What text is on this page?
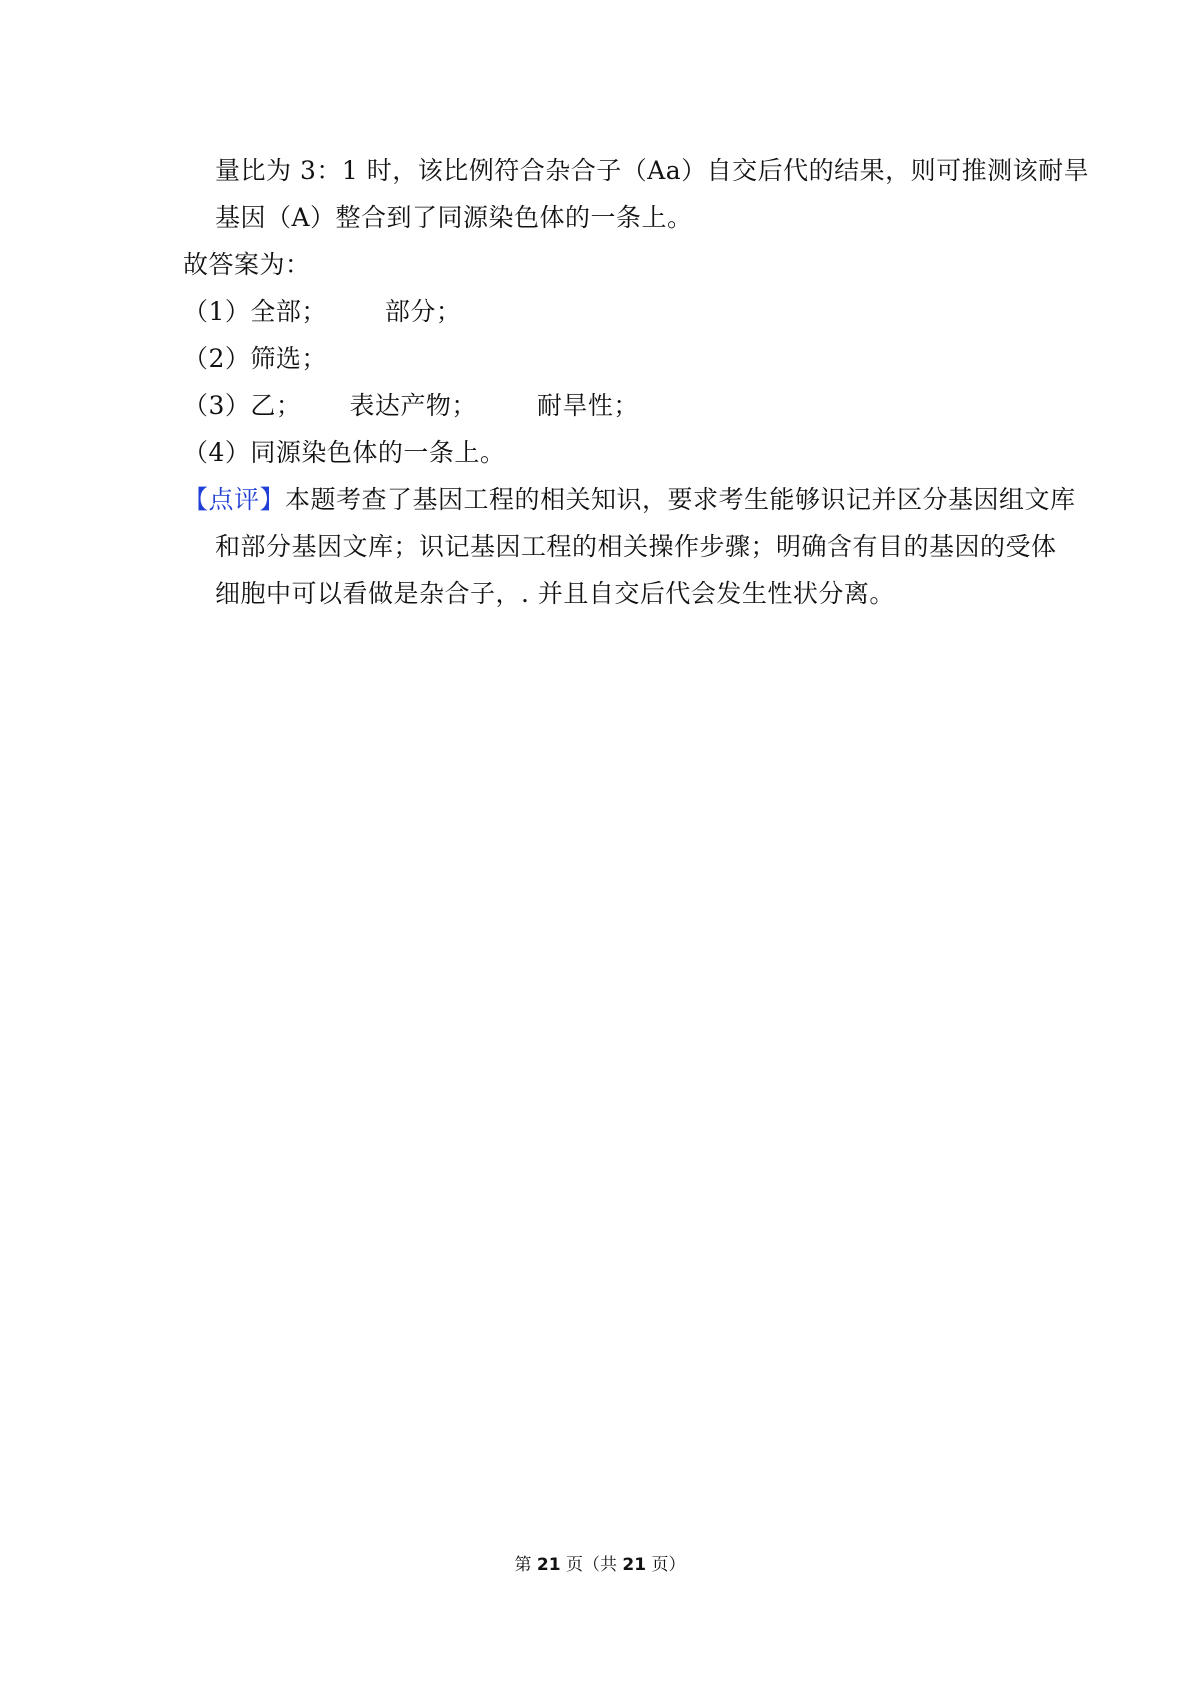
量比为 3：1 时，该比例符合杂合子（Aa）自交后代的结果，则可推测该耐旱
基因（A）整合到了同源染色体的一条上。
故答案为：
（1）全部； 部分；
（2）筛选；
（3）乙； 表达产物； 耐旱性；
（4）同源染色体的一条上。
【点评】本题考查了基因工程的相关知识，要求考生能够识记并区分基因组文库
和部分基因文库；识记基因工程的相关操作步骤；明确含有目的基因的受体
细胞中可以看做是杂合子，. 并且自交后代会发生性状分离。
第 21 页（共 21 页）
